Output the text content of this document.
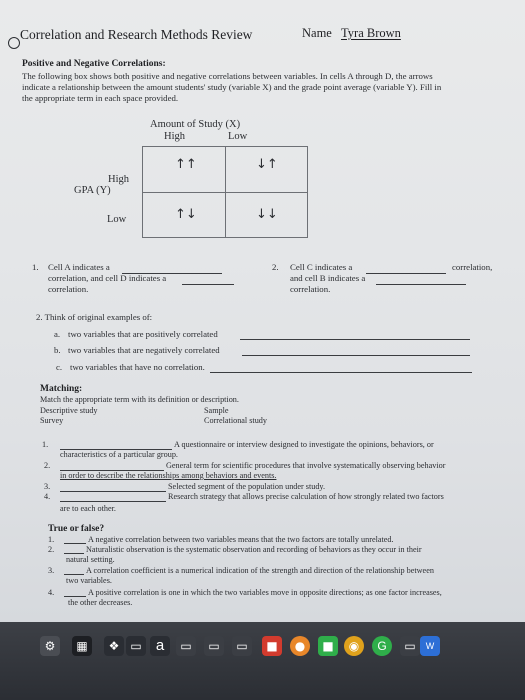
Correlation and Research Methods Review	Name Tyra Brown
Positive and Negative Correlations:
The following box shows both positive and negative correlations between variables. In cells A through D, the arrows
indicate a relationship between the amount students' study (variable X) and the grade point average (variable Y). Fill in
the appropriate term in each space provided.
Amount of Study (X)
High	Low
High
GPA (Y)
Low
↑↑	↓↑
↑↓	↓↓
1. Cell A indicates a
correlation, and cell D indicates a
correlation.
2. Cell C indicates a	correlation,
and cell B indicates a
correlation.
2. Think of original examples of:
a. two variables that are positively correlated
b. two variables that are negatively correlated
c. two variables that have no correlation.
Matching:
Match the appropriate term with its definition or description.
Descriptive study
Survey
Sample
Correlational study
1.	A questionnaire or interview designed to investigate the opinions, behaviors, or
characteristics of a particular group.
2.	General term for scientific procedures that involve systematically observing behavior
in order to describe the relationships among behaviors and events.
3.	Selected segment of the population under study.
4.	Research strategy that allows precise calculation of how strongly related two factors
are to each other.
True or false?
1.	A negative correlation between two variables means that the two factors are totally unrelated.
2.	Naturalistic observation is the systematic observation and recording of behaviors as they occur in their
natural setting.
3.	A correlation coefficient is a numerical indication of the strength and direction of the relationship between
two variables.
4.	A positive correlation is one in which the two variables move in opposite directions; as one factor increases,
the other decreases.
⚙	▦	❖ ▭ a	▭	▭	▭	■	●	■	◉	G	▭	W
